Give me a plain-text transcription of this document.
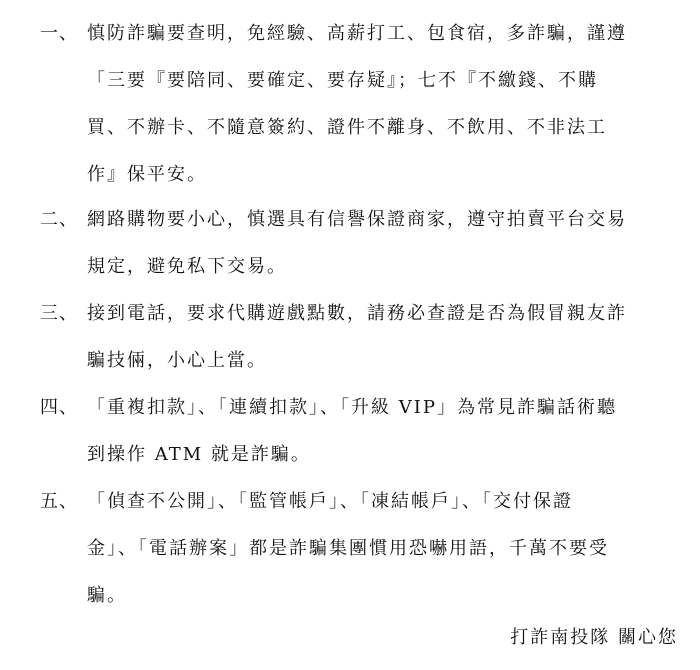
一、 慎防詐騙要查明，免經驗、高薪打工、包食宿，多詐騙，謹遵
「三要『要陪同、要確定、要存疑』；七不『不繳錢、不購
買、不辦卡、不隨意簽約、證件不離身、不飲用、不非法工
作』保平安。
二、 網路購物要小心，慎選具有信譽保證商家，遵守拍賣平台交易
規定，避免私下交易。
三、 接到電話，要求代購遊戲點數，請務必查證是否為假冒親友詐
騙技倆，小心上當。
四、 「重複扣款」、「連續扣款」、「升級 VIP」為常見詐騙話術聽
到操作 ATM 就是詐騙。
五、 「偵查不公開」、「監管帳戶」、「凍結帳戶」、「交付保證
金」、「電話辦案」都是詐騙集團慣用恐嚇用語，千萬不要受
騙。
打詐南投隊 關心您
